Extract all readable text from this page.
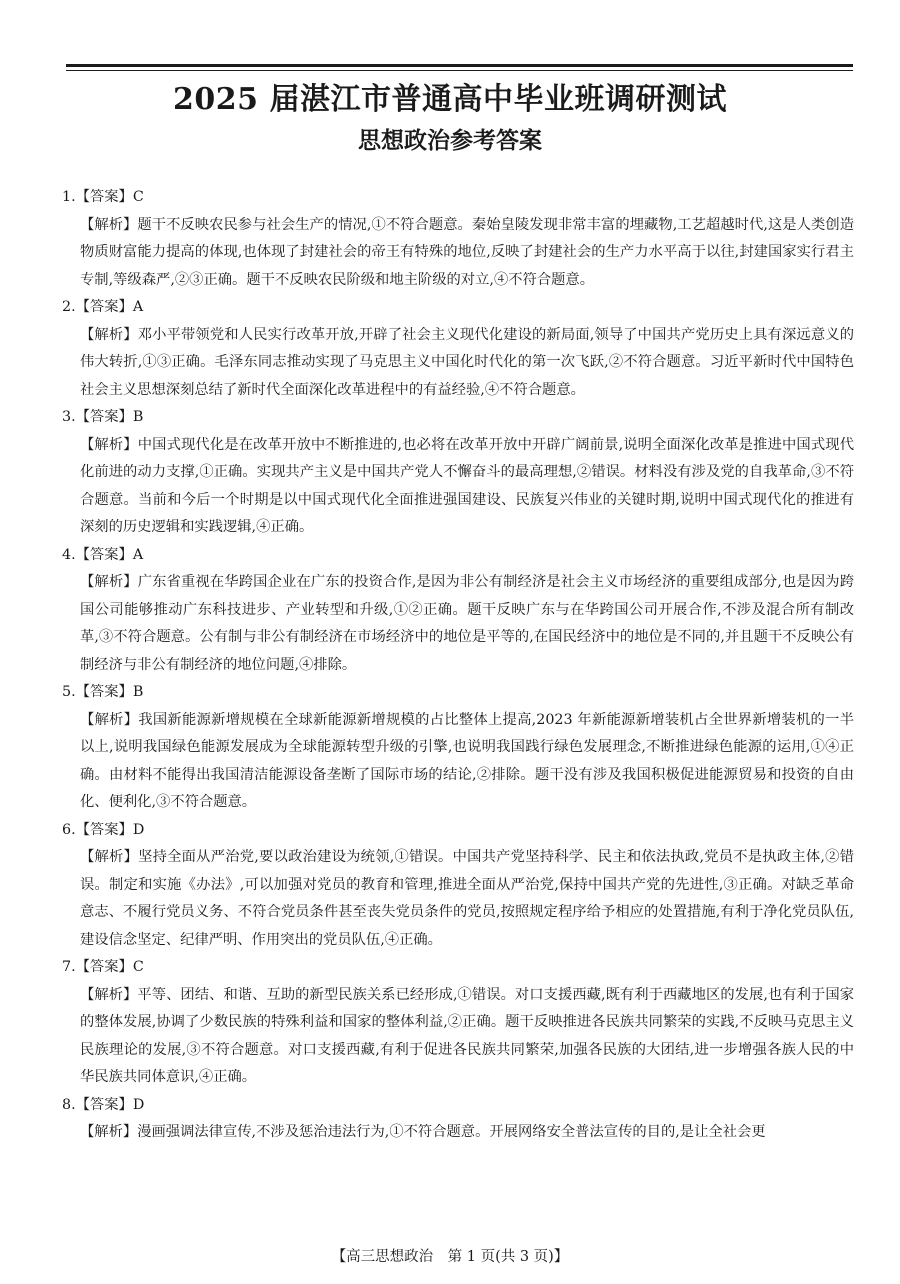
2025 届湛江市普通高中毕业班调研测试
思想政治参考答案
1.【答案】C

【解析】题干不反映农民参与社会生产的情况,①不符合题意。秦始皇陵发现非常丰富的埋藏物,工艺超越时代,这是人类创造物质财富能力提高的体现,也体现了封建社会的帝王有特殊的地位,反映了封建社会的生产力水平高于以往,封建国家实行君主专制,等级森严,②③正确。题干不反映农民阶级和地主阶级的对立,④不符合题意。

2.【答案】A

【解析】邓小平带领党和人民实行改革开放,开辟了社会主义现代化建设的新局面,领导了中国共产党历史上具有深远意义的伟大转折,①③正确。毛泽东同志推动实现了马克思主义中国化时代化的第一次飞跃,②不符合题意。习近平新时代中国特色社会主义思想深刻总结了新时代全面深化改革进程中的有益经验,④不符合题意。

3.【答案】B

【解析】中国式现代化是在改革开放中不断推进的,也必将在改革开放中开辟广阔前景,说明全面深化改革是推进中国式现代化前进的动力支撑,①正确。实现共产主义是中国共产党人不懈奋斗的最高理想,②错误。材料没有涉及党的自我革命,③不符合题意。当前和今后一个时期是以中国式现代化全面推进强国建设、民族复兴伟业的关键时期,说明中国式现代化的推进有深刻的历史逻辑和实践逻辑,④正确。

4.【答案】A

【解析】广东省重视在华跨国企业在广东的投资合作,是因为非公有制经济是社会主义市场经济的重要组成部分,也是因为跨国公司能够推动广东科技进步、产业转型和升级,①②正确。题干反映广东与在华跨国公司开展合作,不涉及混合所有制改革,③不符合题意。公有制与非公有制经济在市场经济中的地位是平等的,在国民经济中的地位是不同的,并且题干不反映公有制经济与非公有制经济的地位问题,④排除。

5.【答案】B

【解析】我国新能源新增规模在全球新能源新增规模的占比整体上提高,2023 年新能源新增装机占全世界新增装机的一半以上,说明我国绿色能源发展成为全球能源转型升级的引擎,也说明我国践行绿色发展理念,不断推进绿色能源的运用,①④正确。由材料不能得出我国清洁能源设备垄断了国际市场的结论,②排除。题干没有涉及我国积极促进能源贸易和投资的自由化、便利化,③不符合题意。

6.【答案】D

【解析】坚持全面从严治党,要以政治建设为统领,①错误。中国共产党坚持科学、民主和依法执政,党员不是执政主体,②错误。制定和实施《办法》,可以加强对党员的教育和管理,推进全面从严治党,保持中国共产党的先进性,③正确。对缺乏革命意志、不履行党员义务、不符合党员条件甚至丧失党员条件的党员,按照规定程序给予相应的处置措施,有利于净化党员队伍,建设信念坚定、纪律严明、作用突出的党员队伍,④正确。

7.【答案】C

【解析】平等、团结、和谐、互助的新型民族关系已经形成,①错误。对口支援西藏,既有利于西藏地区的发展,也有利于国家的整体发展,协调了少数民族的特殊利益和国家的整体利益,②正确。题干反映推进各民族共同繁荣的实践,不反映马克思主义民族理论的发展,③不符合题意。对口支援西藏,有利于促进各民族共同繁荣,加强各民族的大团结,进一步增强各族人民的中华民族共同体意识,④正确。

8.【答案】D

【解析】漫画强调法律宣传,不涉及惩治违法行为,①不符合题意。开展网络安全普法宣传的目的,是让全社会更

【高三思想政治　第 1 页(共 3 页)】
